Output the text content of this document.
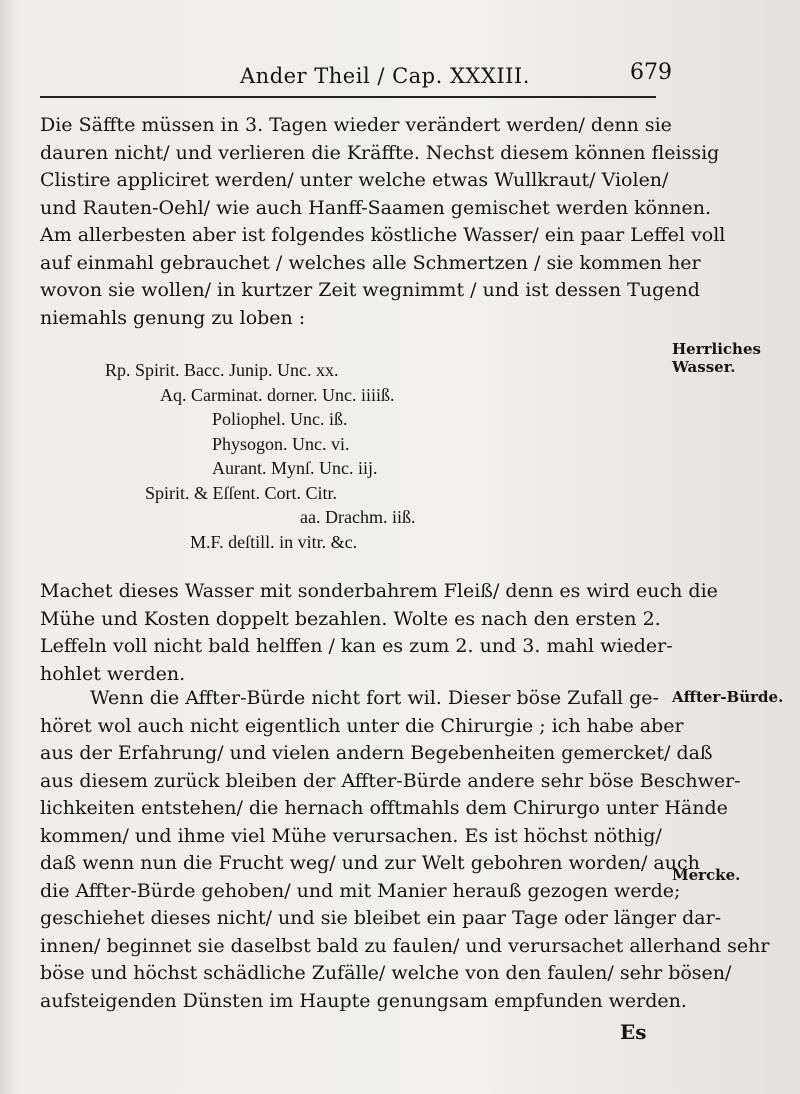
Ander Theil / Cap. XXXIII.	679
Die Säffte müssen in 3. Tagen wieder verändert werden/ denn sie
dauren nicht/ und verlieren die Kräffte. Nechst diesem können fleissig
Clistire appliciret werden/ unter welche etwas Wullkraut/ Violen/
und Rauten-Oehl/ wie auch Hanff-Saamen gemischet werden können.
Am allerbesten aber ist folgendes köstliche Wasser/ ein paar Leffel voll
auf einmahl gebrauchet / welches alle Schmertzen / sie kommen her
wovon sie wollen/ in kurtzer Zeit wegnimmt / und ist dessen Tugend
niemahls genung zu loben :
Rp. Spirit. Bacc. Junip. Unc. xx.
Aq. Carminat. dorner. Unc. iiiiß.
Poliophel. Unc. iß.
Physogon. Unc. vi.
Aurant. Mynſ. Unc. iij.
Spirit. & Eſſent. Cort. Citr.
aa. Drachm. iiß.
M.F. deſtill. in vitr. &c.
Machet dieses Wasser mit sonderbahrem Fleiß/ denn es wird euch die
Mühe und Kosten doppelt bezahlen. Wolte es nach den ersten 2.
Leffeln voll nicht bald helffen / kan es zum 2. und 3. mahl wieder-
hohlet werden.
Wenn die Affter-Bürde nicht fort wil. Dieser böse Zufall ge-
höret wol auch nicht eigentlich unter die Chirurgie ; ich habe aber
aus der Erfahrung/ und vielen andern Begebenheiten gemercket/ daß
aus diesem zurück bleiben der Affter-Bürde andere sehr böse Beschwer-
lichkeiten entstehen/ die hernach offtmahls dem Chirurgo unter Hände
kommen/ und ihme viel Mühe verursachen. Es ist höchst nöthig/
daß wenn nun die Frucht weg/ und zur Welt gebohren worden/ auch
die Affter-Bürde gehoben/ und mit Manier herauß gezogen werde;
geschiehet dieses nicht/ und sie bleibet ein paar Tage oder länger dar-
innen/ beginnet sie daselbst bald zu faulen/ und verursachet allerhand sehr
böse und höchst schädliche Zufälle/ welche von den faulen/ sehr bösen/
aufsteigenden Dünsten im Haupte genungsam empfunden werden.
Herrliches
Wasser.
Affter-Bürde.
Mercke.
Es
